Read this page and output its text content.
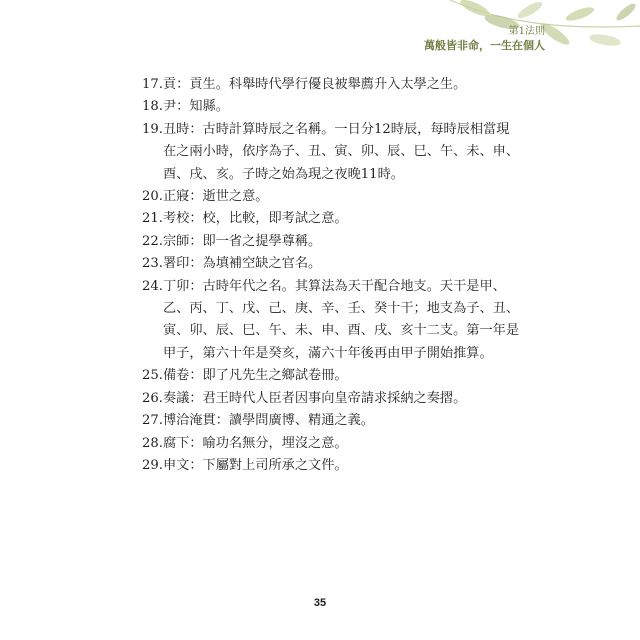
第1法則
萬般皆非命，一生在個人
17. 貢：貢生。科舉時代學行優良被舉薦升入太學之生。
18. 尹：知縣。
19. 丑時：古時計算時辰之名稱。一日分12時辰，每時辰相當現在之兩小時，依序為子、丑、寅、卯、辰、巳、午、未、申、酉、戌、亥。子時之始為現之夜晚11時。
20. 正寢：逝世之意。
21. 考校：校，比較，即考試之意。
22. 宗師：即一省之提學尊稱。
23. 署印：為填補空缺之官名。
24. 丁卯：古時年代之名。其算法為天干配合地支。天干是甲、乙、丙、丁、戊、己、庚、辛、壬、癸十干；地支為子、丑、寅、卯、辰、巳、午、未、申、酉、戌、亥十二支。第一年是甲子，第六十年是癸亥，滿六十年後再由甲子開始推算。
25. 備卷：即了凡先生之鄉試卷冊。
26. 奏議：君王時代人臣者因事向皇帝請求採納之奏摺。
27. 博洽淹貫：讀學問廣博、精通之義。
28. 腐下：喻功名無分，埋沒之意。
29. 申文：下屬對上司所承之文件。
35
